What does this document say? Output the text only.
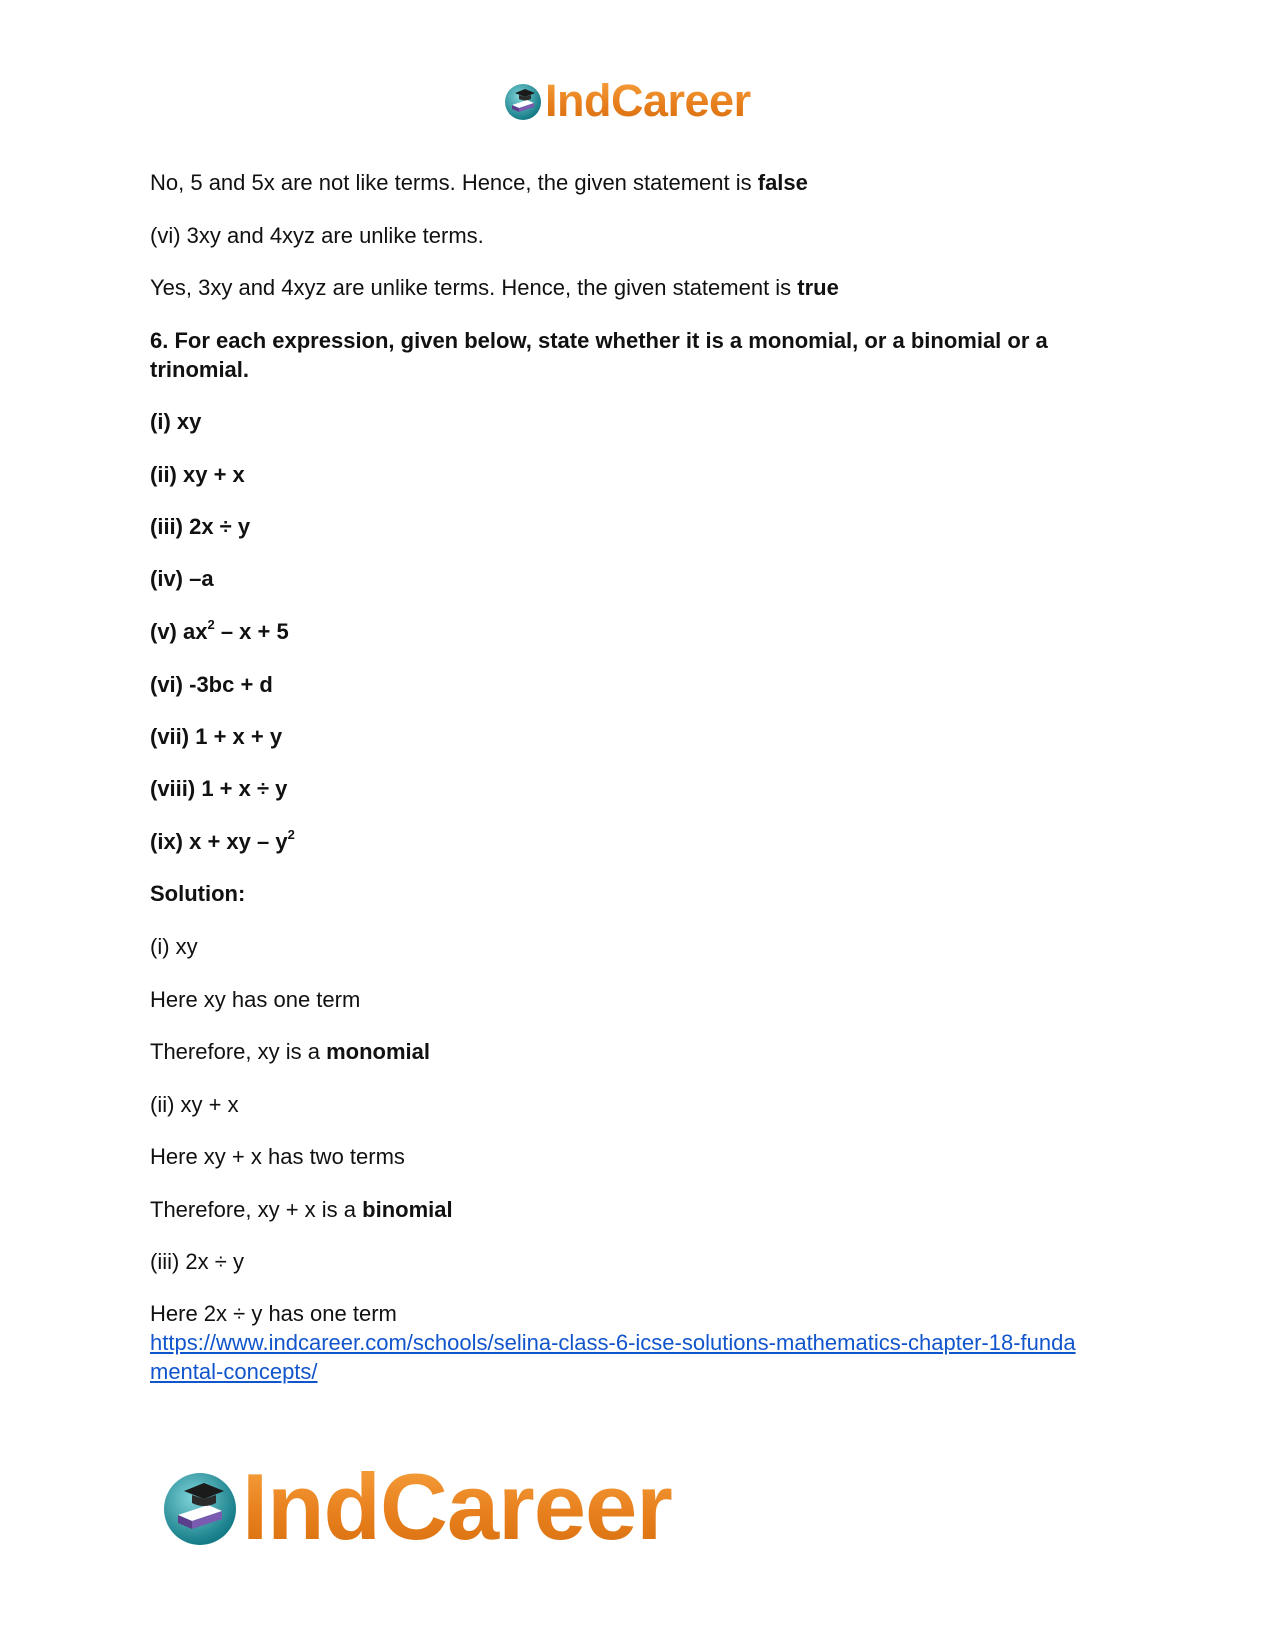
IndCareer
No, 5 and 5x are not like terms. Hence, the given statement is false
(vi) 3xy and 4xyz are unlike terms.
Yes, 3xy and 4xyz are unlike terms. Hence, the given statement is true
6. For each expression, given below, state whether it is a monomial, or a binomial or a
trinomial.
(i) xy
(ii) xy + x
(iii) 2x ÷ y
(iv) –a
(v) $ax^2 - x + 5$
(vi) -3bc + d
(vii) 1 + x + y
(viii) 1 + x ÷ y
(ix) x + xy – $y^2$
Solution:
(i) xy
Here xy has one term
Therefore, xy is a monomial
(ii) xy + x
Here xy + x has two terms
Therefore, xy + x is a binomial
(iii) 2x ÷ y
Here 2x ÷ y has one term
https://www.indcareer.com/schools/selina-class-6-icse-solutions-mathematics-chapter-18-funda
mental-concepts/
IndCareer
